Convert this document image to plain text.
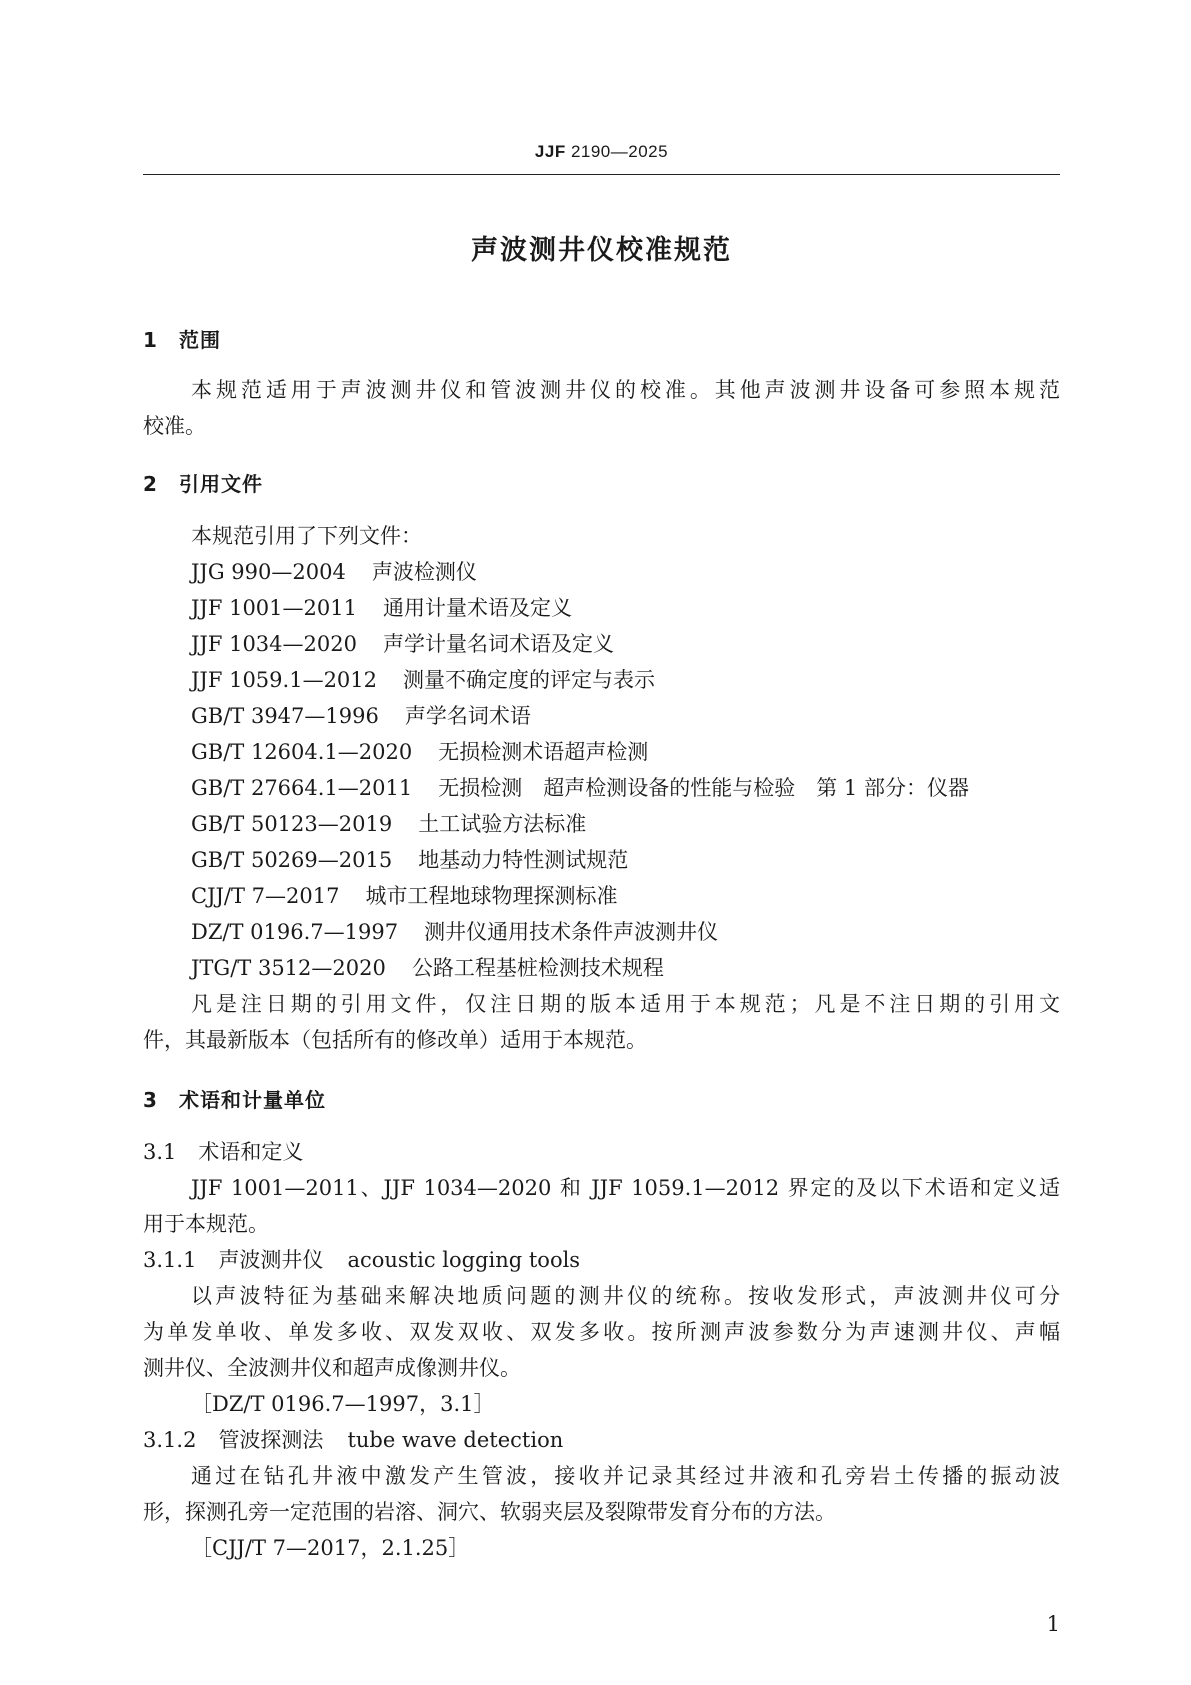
JJF 2190—2025
声波测井仪校准规范
1 范围
本规范适用于声波测井仪和管波测井仪的校准。其他声波测井设备可参照本规范
校准。
2 引用文件
本规范引用了下列文件：
JJG 990—2004 声波检测仪
JJF 1001—2011 通用计量术语及定义
JJF 1034—2020 声学计量名词术语及定义
JJF 1059.1—2012 测量不确定度的评定与表示
GB/T 3947—1996 声学名词术语
GB/T 12604.1—2020 无损检测术语超声检测
GB/T 27664.1—2011 无损检测　超声检测设备的性能与检验　第 1 部分：仪器
GB/T 50123—2019 土工试验方法标准
GB/T 50269—2015 地基动力特性测试规范
CJJ/T 7—2017 城市工程地球物理探测标准
DZ/T 0196.7—1997 测井仪通用技术条件声波测井仪
JTG/T 3512—2020 公路工程基桩检测技术规程
凡是注日期的引用文件，仅注日期的版本适用于本规范；凡是不注日期的引用文
件，其最新版本（包括所有的修改单）适用于本规范。
3 术语和计量单位
3.1 术语和定义
JJF 1001—2011、JJF 1034—2020 和 JJF 1059.1—2012 界定的及以下术语和定义适
用于本规范。
3.1.1 声波测井仪 acoustic logging tools
以声波特征为基础来解决地质问题的测井仪的统称。按收发形式，声波测井仪可分
为单发单收、单发多收、双发双收、双发多收。按所测声波参数分为声速测井仪、声幅
测井仪、全波测井仪和超声成像测井仪。
［DZ/T 0196.7—1997，3.1］
3.1.2 管波探测法 tube wave detection
通过在钻孔井液中激发产生管波，接收并记录其经过井液和孔旁岩土传播的振动波
形，探测孔旁一定范围的岩溶、洞穴、软弱夹层及裂隙带发育分布的方法。
［CJJ/T 7—2017，2.1.25］
1
